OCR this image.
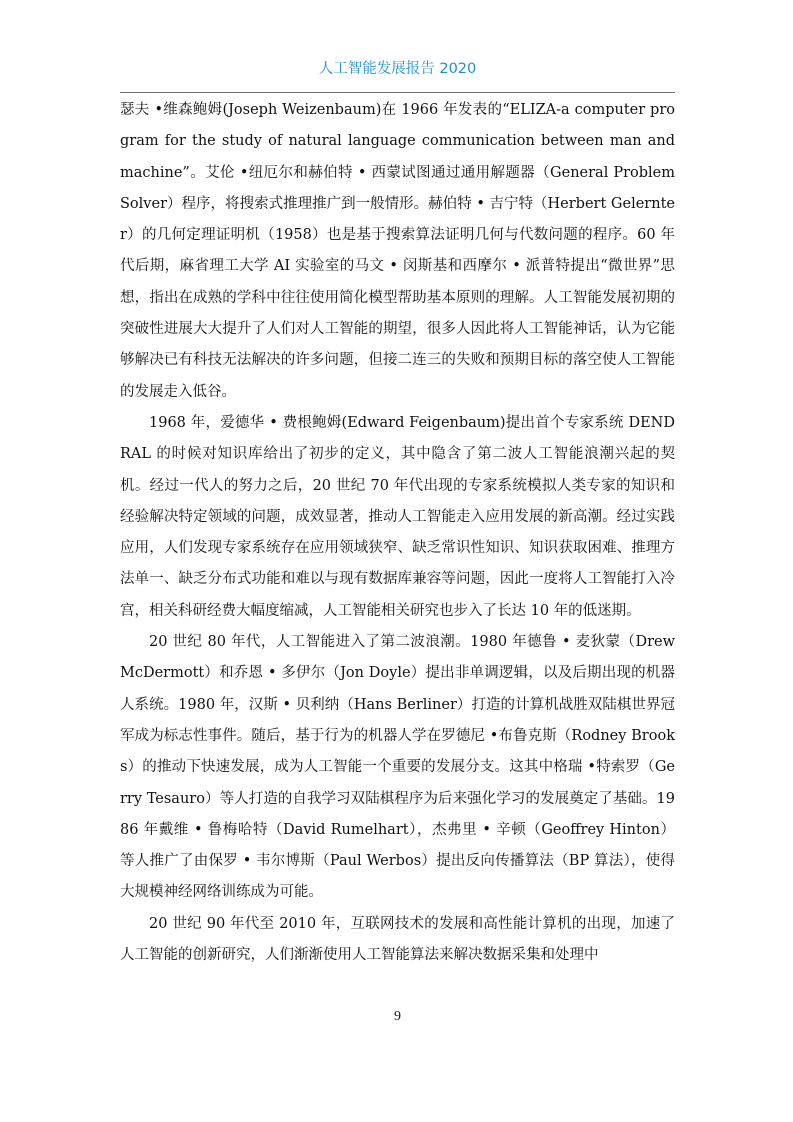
人工智能发展报告 2020

瑟夫 •维森鲍姆(Joseph Weizenbaum)在 1966 年发表的“ELIZA-a computer program for the study of natural language communication between man and machine”。艾伦 •纽厄尔和赫伯特 • 西蒙试图通过通用解题器（General Problem Solver）程序，将搜索式推理推广到一般情形。赫伯特 • 吉宁特（Herbert Gelernter）的几何定理证明机（1958）也是基于搜索算法证明几何与代数问题的程序。60 年代后期，麻省理工大学 AI 实验室的马文 • 闵斯基和西摩尔 • 派普特提出“微世界”思想，指出在成熟的学科中往往使用简化模型帮助基本原则的理解。人工智能发展初期的突破性进展大大提升了人们对人工智能的期望，很多人因此将人工智能神话，认为它能够解决已有科技无法解决的许多问题，但接二连三的失败和预期目标的落空使人工智能的发展走入低谷。

1968 年，爱德华 • 费根鲍姆(Edward Feigenbaum)提出首个专家系统 DENDRAL 的时候对知识库给出了初步的定义，其中隐含了第二波人工智能浪潮兴起的契机。经过一代人的努力之后，20 世纪 70 年代出现的专家系统模拟人类专家的知识和经验解决特定领域的问题，成效显著，推动人工智能走入应用发展的新高潮。经过实践应用，人们发现专家系统存在应用领域狭窄、缺乏常识性知识、知识获取困难、推理方法单一、缺乏分布式功能和难以与现有数据库兼容等问题，因此一度将人工智能打入冷宫，相关科研经费大幅度缩减，人工智能相关研究也步入了长达 10 年的低迷期。

20 世纪 80 年代，人工智能进入了第二波浪潮。1980 年德鲁 • 麦狄蒙（Drew McDermott）和乔恩 • 多伊尔（Jon Doyle）提出非单调逻辑，以及后期出现的机器人系统。1980 年，汉斯 • 贝利纳（Hans Berliner）打造的计算机战胜双陆棋世界冠军成为标志性事件。随后，基于行为的机器人学在罗德尼 •布鲁克斯（Rodney Brooks）的推动下快速发展，成为人工智能一个重要的发展分支。这其中格瑞 •特索罗（Gerry Tesauro）等人打造的自我学习双陆棋程序为后来强化学习的发展奠定了基础。1986 年戴维 • 鲁梅哈特（David Rumelhart），杰弗里 • 辛顿（Geoffrey Hinton）等人推广了由保罗 • 韦尔博斯（Paul Werbos）提出反向传播算法（BP 算法），使得大规模神经网络训练成为可能。

20 世纪 90 年代至 2010 年，互联网技术的发展和高性能计算机的出现，加速了人工智能的创新研究，人们渐渐使用人工智能算法来解决数据采集和处理中

9
